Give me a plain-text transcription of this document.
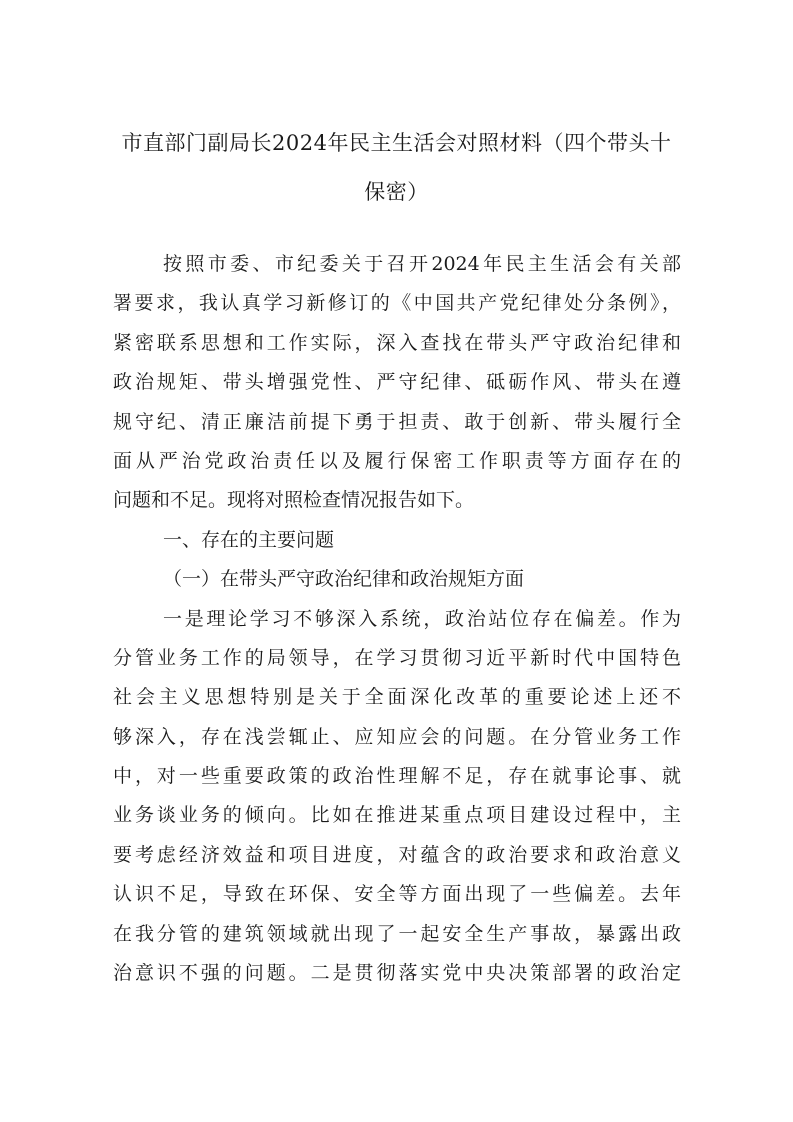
市直部门副局长2024年民主生活会对照材料（四个带头十
保密）
按照市委、市纪委关于召开2024年民主生活会有关部
署要求，我认真学习新修订的《中国共产党纪律处分条例》，
紧密联系思想和工作实际，深入查找在带头严守政治纪律和
政治规矩、带头增强党性、严守纪律、砥砺作风、带头在遵
规守纪、清正廉洁前提下勇于担责、敢于创新、带头履行全
面从严治党政治责任以及履行保密工作职责等方面存在的
问题和不足。现将对照检查情况报告如下。
一、存在的主要问题
（一）在带头严守政治纪律和政治规矩方面
一是理论学习不够深入系统，政治站位存在偏差。作为
分管业务工作的局领导，在学习贯彻习近平新时代中国特色
社会主义思想特别是关于全面深化改革的重要论述上还不
够深入，存在浅尝辄止、应知应会的问题。在分管业务工作
中，对一些重要政策的政治性理解不足，存在就事论事、就
业务谈业务的倾向。比如在推进某重点项目建设过程中，主
要考虑经济效益和项目进度，对蕴含的政治要求和政治意义
认识不足，导致在环保、安全等方面出现了一些偏差。去年
在我分管的建筑领域就出现了一起安全生产事故，暴露出政
治意识不强的问题。二是贯彻落实党中央决策部署的政治定
